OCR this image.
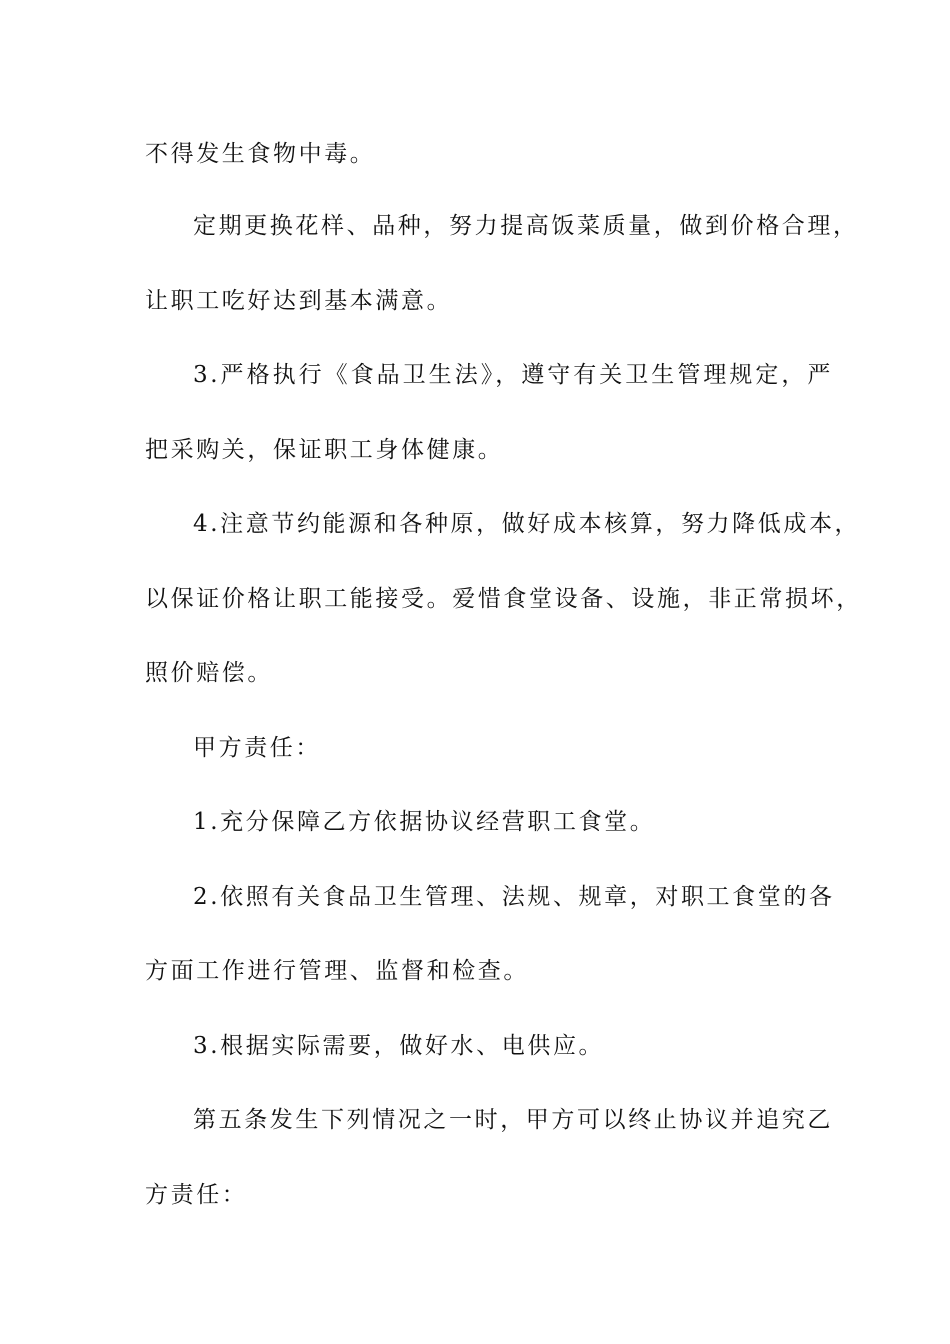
不得发生食物中毒。
定期更换花样、品种，努力提高饭菜质量，做到价格合理，
让职工吃好达到基本满意。
3.严格执行《食品卫生法》，遵守有关卫生管理规定，严
把采购关，保证职工身体健康。
4.注意节约能源和各种原，做好成本核算，努力降低成本，
以保证价格让职工能接受。爱惜食堂设备、设施，非正常损坏，
照价赔偿。
甲方责任：
1.充分保障乙方依据协议经营职工食堂。
2.依照有关食品卫生管理、法规、规章，对职工食堂的各
方面工作进行管理、监督和检查。
3.根据实际需要，做好水、电供应。
第五条发生下列情况之一时，甲方可以终止协议并追究乙
方责任：
